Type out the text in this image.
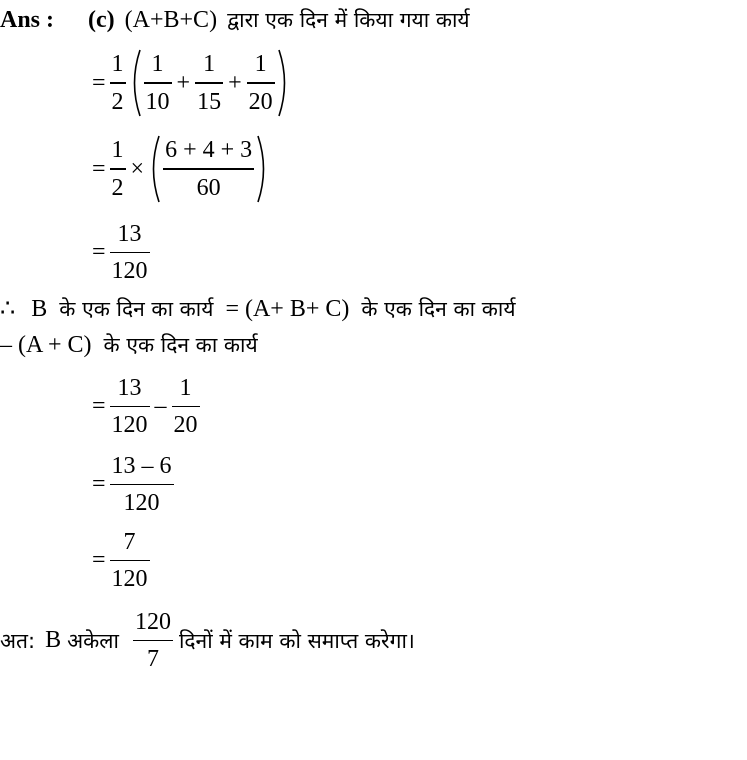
Ans : (c) (A+B+C) द्वारा एक दिन में किया गया कार्य
= $\frac{1}{2} \frac{1}{10} + \frac{1}{15} + \frac{1}{20}$
= $\frac{1}{2} \times \frac{6 + 4 + 3}{60}$
= $\frac{13}{120}$
∴ B के एक दिन का कार्य = (A+ B+ C) के एक दिन का कार्य
– (A + C) के एक दिन का कार्य
= $\frac{13}{120} - \frac{1}{20}$
= $\frac{13 - 6}{120}$
= $\frac{7}{120}$
अत: B अकेला $\frac{120}{7}$ दिनों में काम को समाप्त करेगा।
